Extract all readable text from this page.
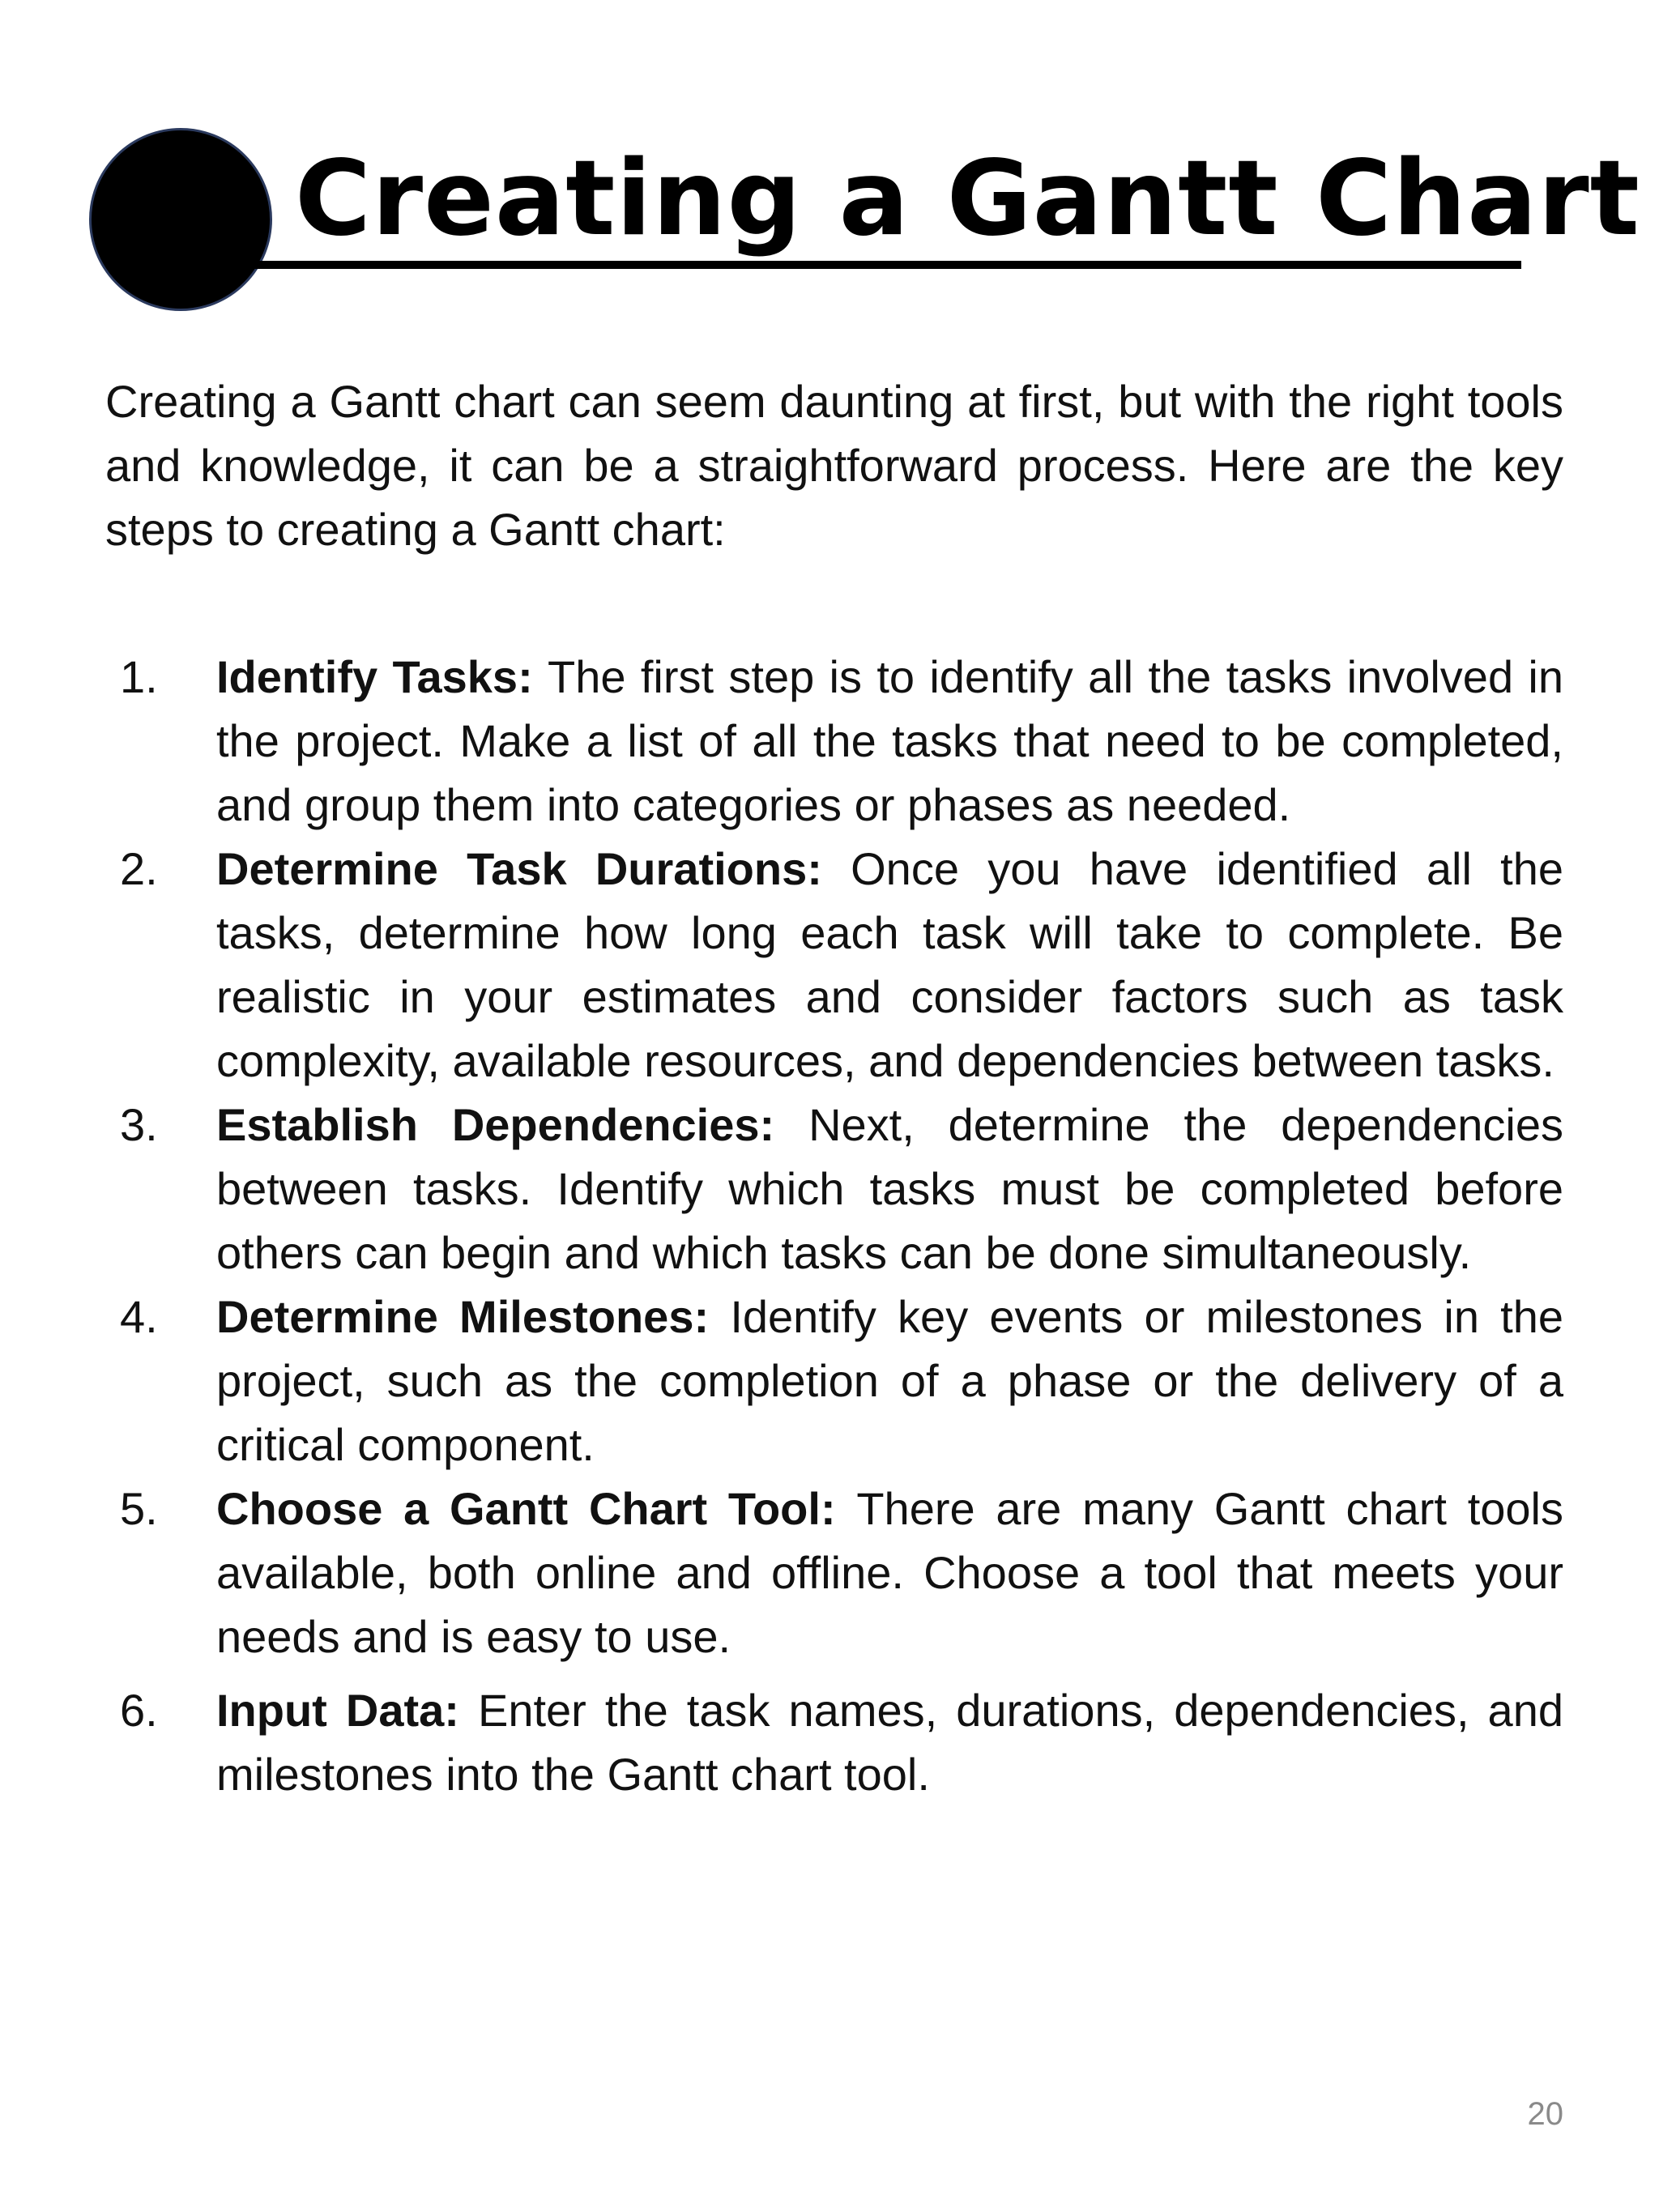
Creating a Gantt Chart

Creating a Gantt chart can seem daunting at first, but with the right tools and knowledge, it can be a straightforward process. Here are the key steps to creating a Gantt chart:

1. Identify Tasks: The first step is to identify all the tasks involved in the project. Make a list of all the tasks that need to be completed, and group them into categories or phases as needed.
2. Determine Task Durations: Once you have identified all the tasks, determine how long each task will take to complete. Be realistic in your estimates and consider factors such as task complexity, available resources, and dependencies between tasks.
3. Establish Dependencies: Next, determine the dependencies between tasks. Identify which tasks must be completed before others can begin and which tasks can be done simultaneously.
4. Determine Milestones: Identify key events or milestones in the project, such as the completion of a phase or the delivery of a critical component.
5. Choose a Gantt Chart Tool: There are many Gantt chart tools available, both online and offline. Choose a tool that meets your needs and is easy to use.
6. Input Data: Enter the task names, durations, dependencies, and milestones into the Gantt chart tool.
20
